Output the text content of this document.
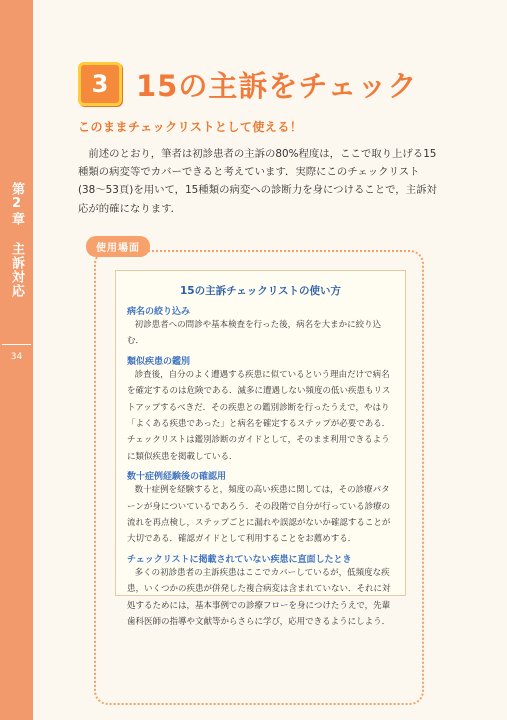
第2章 主訴対応
34
3 15の主訴をチェック
このままチェックリストとして使える！
前述のとおり，筆者は初診患者の主訴の80%程度は，ここで取り上げる15種類の病変等でカバーできると考えています．実際にこのチェックリスト(38〜53頁)を用いて，15種類の病変への診断力を身につけることで，主訴対応が的確になります．
使用場面
15の主訴チェックリストの使い方
病名の絞り込み
初診患者への問診や基本検査を行った後，病名を大まかに絞り込む．
類似疾患の鑑別
診査後，自分のよく遭遇する疾患に似ているという理由だけで病名を確定するのは危険である．滅多に遭遇しない頻度の低い疾患もリストアップするべきだ．その疾患との鑑別診断を行ったうえで，やはり「よくある疾患であった」と病名を確定するステップが必要である．チェックリストは鑑別診断のガイドとして，そのまま利用できるように類似疾患を掲載している．
数十症例経験後の確認用
数十症例を経験すると，頻度の高い疾患に関しては，その診療パターンが身についているであろう．その段階で自分が行っている診療の流れを再点検し，ステップごとに漏れや誤認がないか確認することが大切である．確認ガイドとして利用することをお薦めする．
チェックリストに掲載されていない疾患に直面したとき
多くの初診患者の主訴疾患はここでカバーしているが，低頻度な疾患，いくつかの疾患が併発した複合病変は含まれていない．それに対処するためには，基本事例での診療フローを身につけたうえで，先輩歯科医師の指導や文献等からさらに学び，応用できるようにしよう．
